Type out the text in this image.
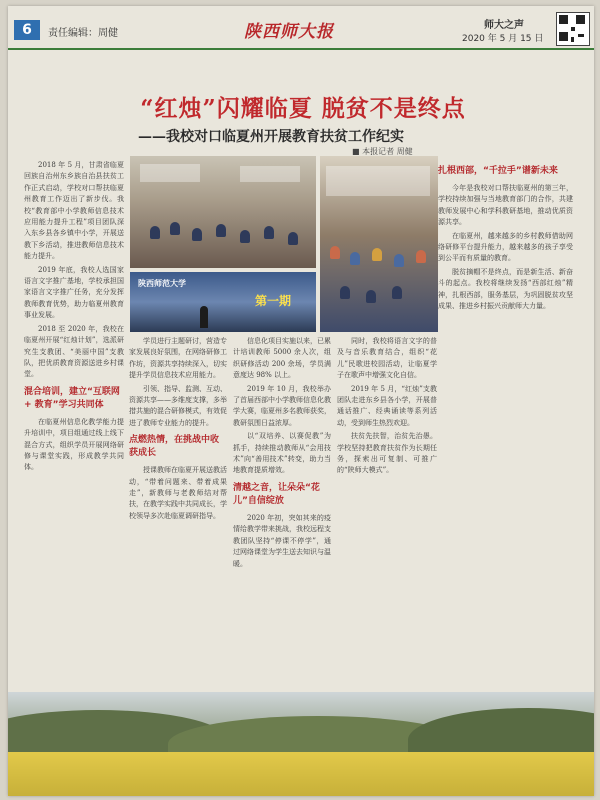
6	责任编辑：周健	陕西师大报	师大之声
2020 年 5 月 15 日
“红烛”闪耀临夏 脱贫不是终点
——我校对口临夏州开展教育扶贫工作纪实
■ 本报记者 周健
陕西师范大学
第一期

2018 年 5 月，甘肃省临夏回族自治州东乡族自治县扶贫工作正式启动，学校对口帮扶临夏州教育工作迈出了新步伐。我校“教育部中小学教师信息技术应用能力提升工程”项目团队深入东乡县各乡镇中小学，开展送教下乡活动，推进教师信息技术能力提升。

2019 年底，我校人选国家语言文字推广基地，学校承担国家语言文字推广任务，充分发挥教师教育优势，助力临夏州教育事业发展。

2018 至 2020 年，我校在临夏州开展“红烛计划”，选派研究生支教团、“美丽中国”支教队，把优质教育资源送进乡村课堂。

混合培训，建立“互联网 + 教育”学习共同体

在临夏州信息化教学能力提升培训中，项目组通过线上线下混合方式，组织学员开展网络研修与课堂实践，形成教学共同体。

学员进行主题研讨，营造专家发展良好氛围，在网络研修工作坊，资源共享持续深入，切实提升学员信息技术应用能力。

引领、指导、监测、互动、资源共享——多维度支撑，多举措共施的混合研修模式，有效促进了教师专业能力的提升。

点燃热情，在挑战中收获成长

授课教师在临夏开展送教活动，“带着问题来、带着成果走”，新教师与老教师结对帮扶，在教学实践中共同成长，学校领导多次赴临夏调研指导。

信息化项目实施以来，已累计培训教师 5000 余人次，组织研修活动 200 余场，学员满意度达 98% 以上。

2019 年 10 月，我校举办了首届西部中小学教师信息化教学大赛，临夏州多名教师获奖，教研氛围日益浓厚。

以“双培养、以赛促教”为抓手，持续推动教师从“会用技术”向“善用技术”转变，助力当地教育提质增效。

清越之音，让朵朵“花儿”自信绽放

2020 年初，突如其来的疫情给教学带来挑战，我校远程支教团队坚持“停课不停学”，通过网络课堂为学生送去知识与温暖。

同时，我校将语言文字的普及与音乐教育结合，组织“花儿”民歌进校园活动，让临夏学子在歌声中增强文化自信。

2019 年 5 月，“红烛”支教团队走进东乡县各小学，开展普通话推广、经典诵读等系列活动，受到师生热烈欢迎。

扶贫先扶智，治贫先治愚。学校坚持把教育扶贫作为长期任务，探索出可复制、可推广的“陕师大模式”。

扎根西部，“千拉手”谱新未来

今年是我校对口帮扶临夏州的第三年，学校持续加强与当地教育部门的合作，共建教师发展中心和学科教研基地，推动优质资源共享。

在临夏州，越来越多的乡村教师借助网络研修平台提升能力，越来越多的孩子享受到公平而有质量的教育。

脱贫摘帽不是终点，而是新生活、新奋斗的起点。我校将继续发扬“西部红烛”精神，扎根西部，服务基层，为巩固脱贫攻坚成果、推进乡村振兴贡献师大力量。
